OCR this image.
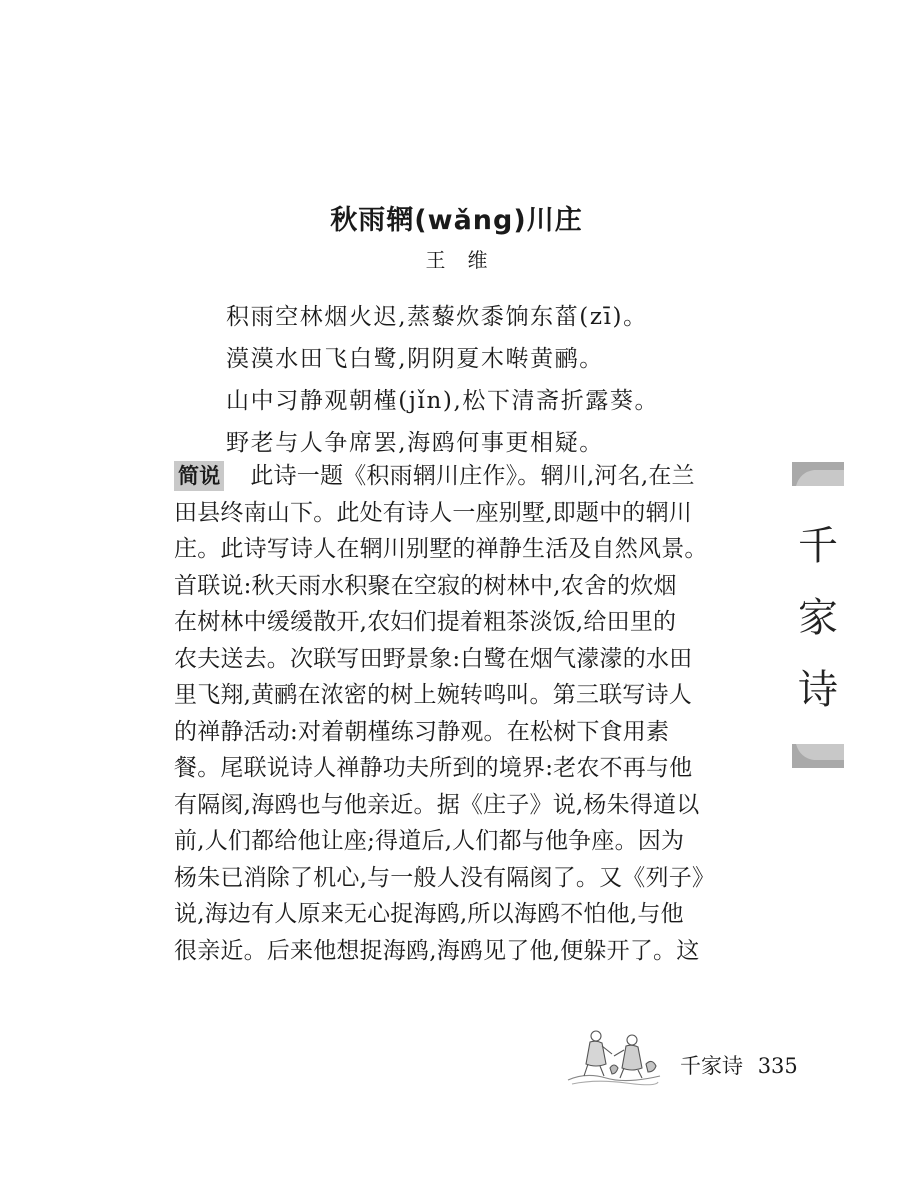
秋雨辋(wǎng)川庄
王维
积雨空林烟火迟,蒸藜炊黍饷东菑(zī)。
漠漠水田飞白鹭,阴阴夏木啭黄鹂。
山中习静观朝槿(jǐn),松下清斋折露葵。
野老与人争席罢,海鸥何事更相疑。
简说 此诗一题《积雨辋川庄作》。辋川,河名,在兰
田县终南山下。此处有诗人一座别墅,即题中的辋川
庄。此诗写诗人在辋川别墅的禅静生活及自然风景。
首联说:秋天雨水积聚在空寂的树林中,农舍的炊烟
在树林中缓缓散开,农妇们提着粗茶淡饭,给田里的
农夫送去。次联写田野景象:白鹭在烟气濛濛的水田
里飞翔,黄鹂在浓密的树上婉转鸣叫。第三联写诗人
的禅静活动:对着朝槿练习静观。在松树下食用素
餐。尾联说诗人禅静功夫所到的境界:老农不再与他
有隔阂,海鸥也与他亲近。据《庄子》说,杨朱得道以
前,人们都给他让座;得道后,人们都与他争座。因为
杨朱已消除了机心,与一般人没有隔阂了。又《列子》
说,海边有人原来无心捉海鸥,所以海鸥不怕他,与他
很亲近。后来他想捉海鸥,海鸥见了他,便躲开了。这
千
家
诗
千家诗 335
